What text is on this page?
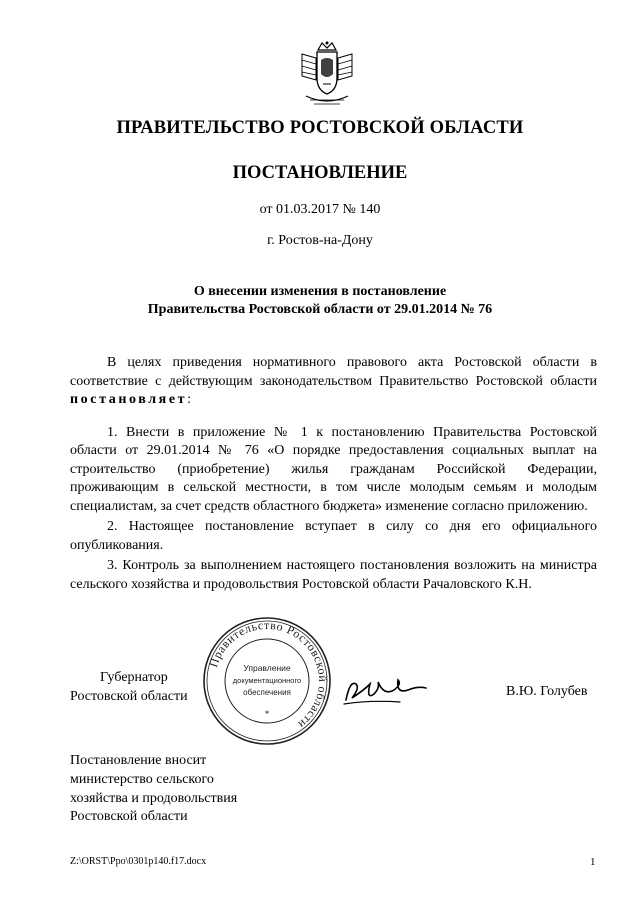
ПРАВИТЕЛЬСТВО РОСТОВСКОЙ ОБЛАСТИ
ПОСТАНОВЛЕНИЕ
от 01.03.2017 № 140
г. Ростов-на-Дону
О внесении изменения в постановление
Правительства Ростовской области от 29.01.2014 № 76

В целях приведения нормативного правового акта Ростовской области в соответствие с действующим законодательством Правительство Ростовской области постановляет:

1. Внести в приложение № 1 к постановлению Правительства Ростовской области от 29.01.2014 № 76 «О порядке предоставления социальных выплат на строительство (приобретение) жилья гражданам Российской Федерации, проживающим в сельской местности, в том числе молодым семьям и молодым специалистам, за счет средств областного бюджета» изменение согласно приложению.

2. Настоящее постановление вступает в силу со дня его официального опубликования.

3. Контроль за выполнением настоящего постановления возложить на министра сельского хозяйства и продовольствия Ростовской области Рачаловского К.Н.

Правительство Ростовской области
*
Управление
документационного
обеспечения
Губернатор
Ростовской области	В.Ю. Голубев
Постановление вносит
министерство сельского
хозяйства и продовольствия
Ростовской области
Z:\ORST\Ppo\0301p140.f17.docx	1
